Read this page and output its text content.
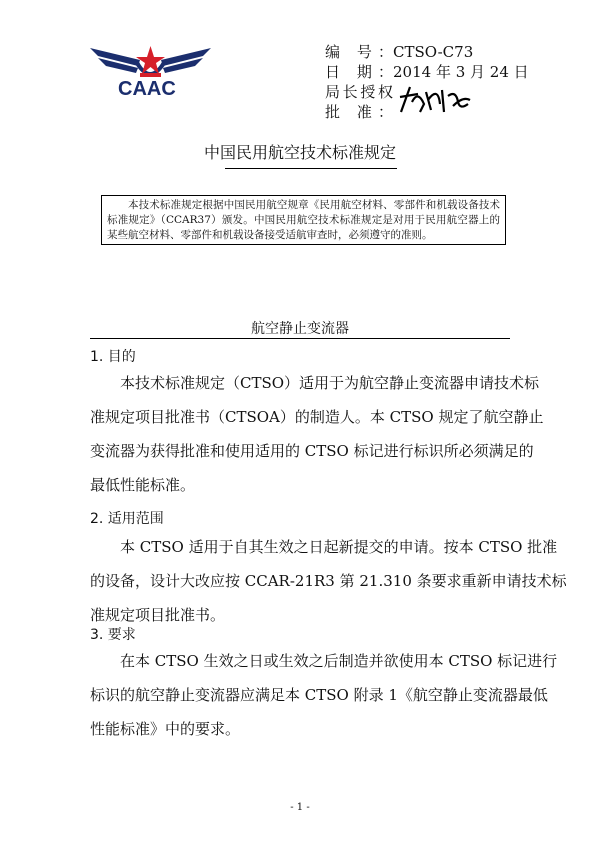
CAAC
编 号：CTSO-C73
日 期：2014 年 3 月 24 日
局长授权
批 准：
中国民用航空技术标准规定
本技术标准规定根据中国民用航空规章《民用航空材料、零部件和机载设备技术
标准规定》（CCAR37）颁发。中国民用航空技术标准规定是对用于民用航空器上的
某些航空材料、零部件和机载设备接受适航审查时，必须遵守的准则。
航空静止变流器
1. 目的
本技术标准规定（CTSO）适用于为航空静止变流器申请技术标
准规定项目批准书（CTSOA）的制造人。本 CTSO 规定了航空静止
变流器为获得批准和使用适用的 CTSO 标记进行标识所必须满足的
最低性能标准。
2. 适用范围
本 CTSO 适用于自其生效之日起新提交的申请。按本 CTSO 批准
的设备，设计大改应按 CCAR-21R3 第 21.310 条要求重新申请技术标
准规定项目批准书。
3. 要求
在本 CTSO 生效之日或生效之后制造并欲使用本 CTSO 标记进行
标识的航空静止变流器应满足本 CTSO 附录 1《航空静止变流器最低
性能标准》中的要求。
- 1 -
